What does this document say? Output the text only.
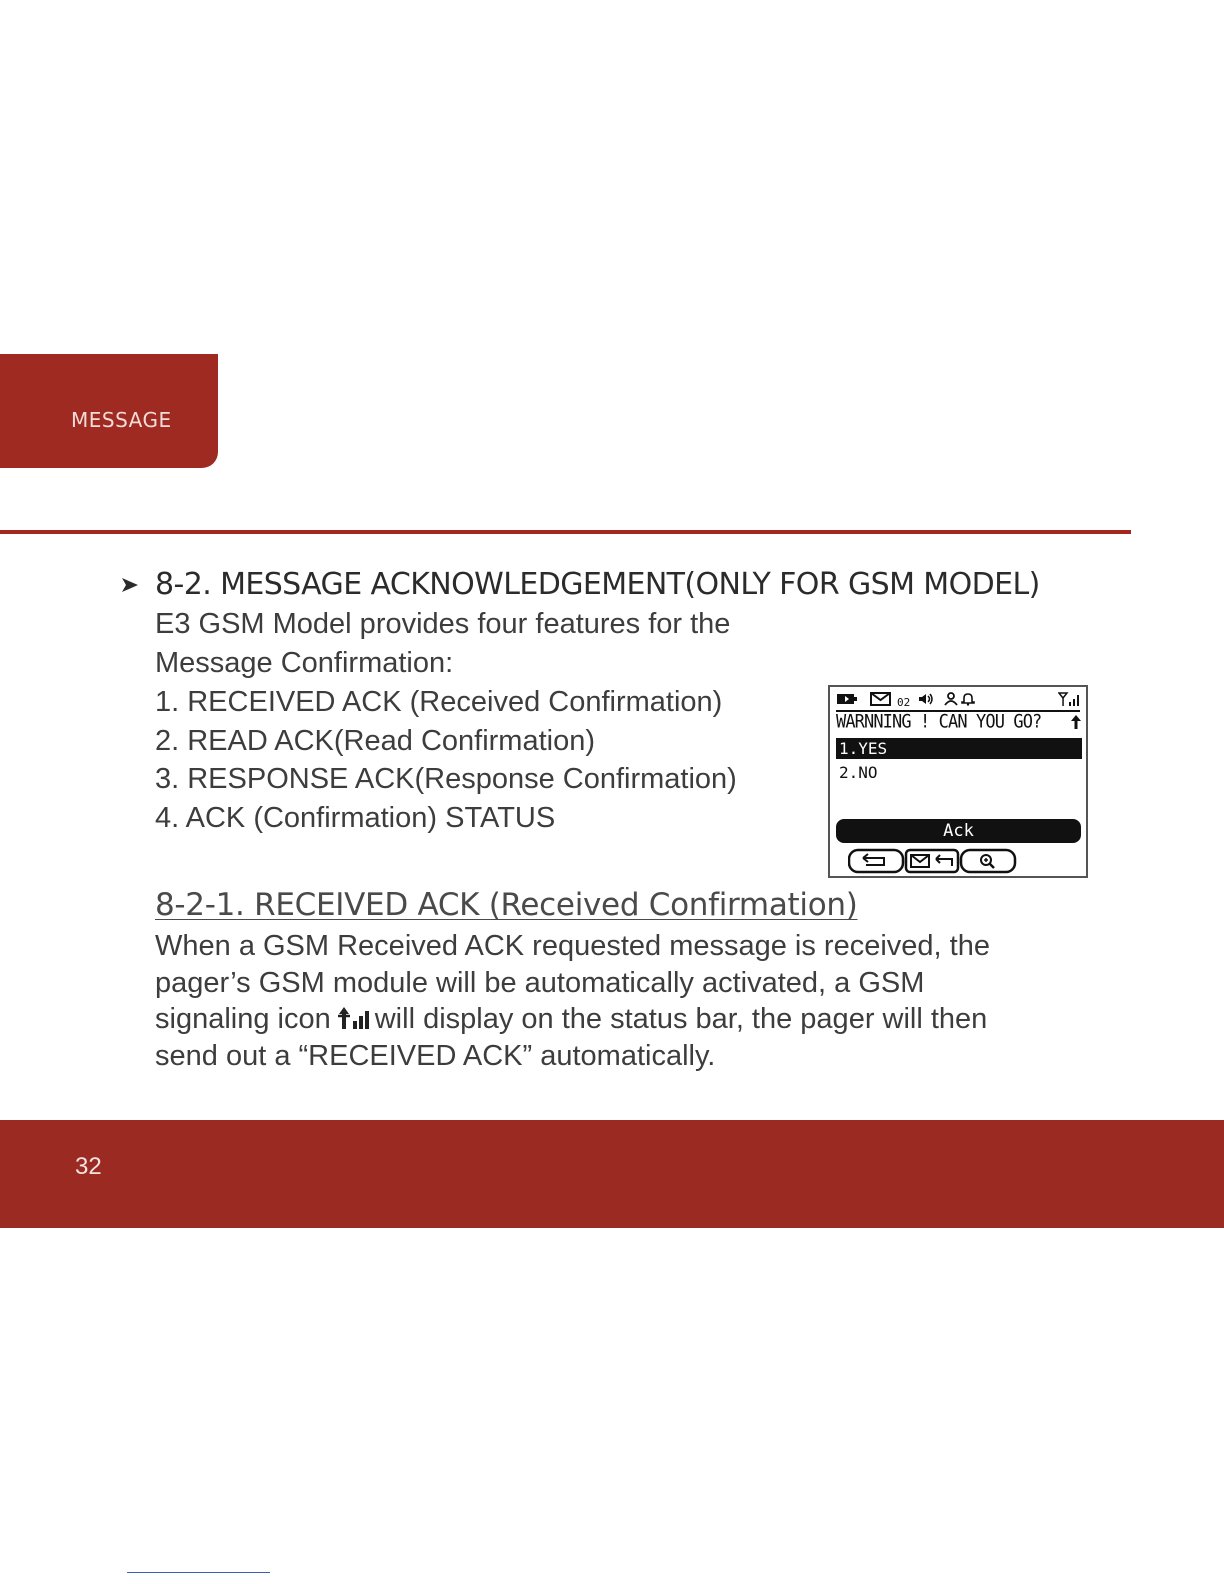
MESSAGE
8-2. MESSAGE ACKNOWLEDGEMENT(ONLY FOR GSM MODEL)
E3 GSM Model provides four features for the
Message Confirmation:
1. RECEIVED ACK (Received Confirmation)
2. READ ACK(Read Confirmation)
3. RESPONSE ACK(Response Confirmation)
4. ACK (Confirmation) STATUS
02
WARNNING ! CAN YOU GO?
1.YES
2.NO
Ack
8-2-1. RECEIVED ACK (Received Confirmation)
When a GSM Received ACK requested message is received, the
pager’s GSM module will be automatically activated, a GSM
signaling icon will display on the status bar, the pager will then
send out a “RECEIVED ACK” automatically.
32
